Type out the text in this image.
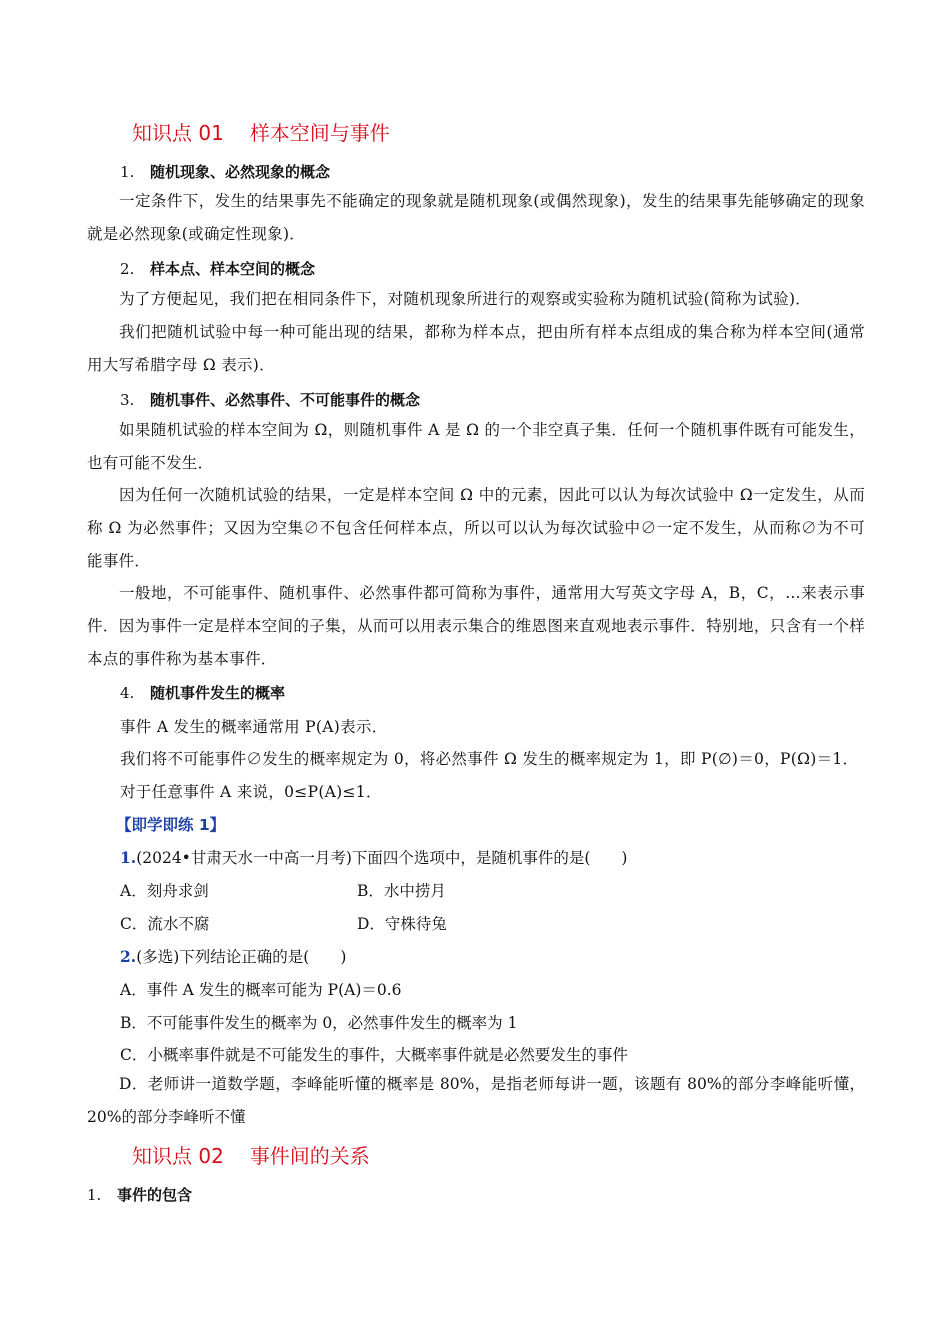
知识点 01 样本空间与事件
1. 随机现象、必然现象的概念
一定条件下，发生的结果事先不能确定的现象就是随机现象(或偶然现象)，发生的结果事先能够确定的现象就是必然现象(或确定性现象)．
2. 样本点、样本空间的概念
为了方便起见，我们把在相同条件下，对随机现象所进行的观察或实验称为随机试验(简称为试验)．
我们把随机试验中每一种可能出现的结果，都称为样本点，把由所有样本点组成的集合称为样本空间(通常用大写希腊字母 Ω 表示)．
3. 随机事件、必然事件、不可能事件的概念
如果随机试验的样本空间为 Ω，则随机事件 A 是 Ω 的一个非空真子集．任何一个随机事件既有可能发生，也有可能不发生．
因为任何一次随机试验的结果，一定是样本空间 Ω 中的元素，因此可以认为每次试验中 Ω一定发生，从而称 Ω 为必然事件；又因为空集∅不包含任何样本点，所以可以认为每次试验中∅一定不发生，从而称∅为不可能事件．
一般地，不可能事件、随机事件、必然事件都可简称为事件，通常用大写英文字母 A，B，C，…来表示事件．因为事件一定是样本空间的子集，从而可以用表示集合的维恩图来直观地表示事件．特别地，只含有一个样本点的事件称为基本事件．
4. 随机事件发生的概率
事件 A 发生的概率通常用 P(A)表示．
我们将不可能事件∅发生的概率规定为 0，将必然事件 Ω 发生的概率规定为 1，即 P(∅)＝0，P(Ω)＝1．
对于任意事件 A 来说，0≤P(A)≤1．
【即学即练 1】
1.(2024•甘肃天水一中高一月考)下面四个选项中，是随机事件的是(　　)
A．刻舟求剑	B．水中捞月
C．流水不腐	D．守株待兔
2.(多选)下列结论正确的是(　　)
A．事件 A 发生的概率可能为 P(A)＝0.6
B．不可能事件发生的概率为 0，必然事件发生的概率为 1
C．小概率事件就是不可能发生的事件，大概率事件就是必然要发生的事件
D．老师讲一道数学题，李峰能听懂的概率是 80%，是指老师每讲一题，该题有 80%的部分李峰能听懂，20%的部分李峰听不懂
知识点 02 事件间的关系
1. 事件的包含
